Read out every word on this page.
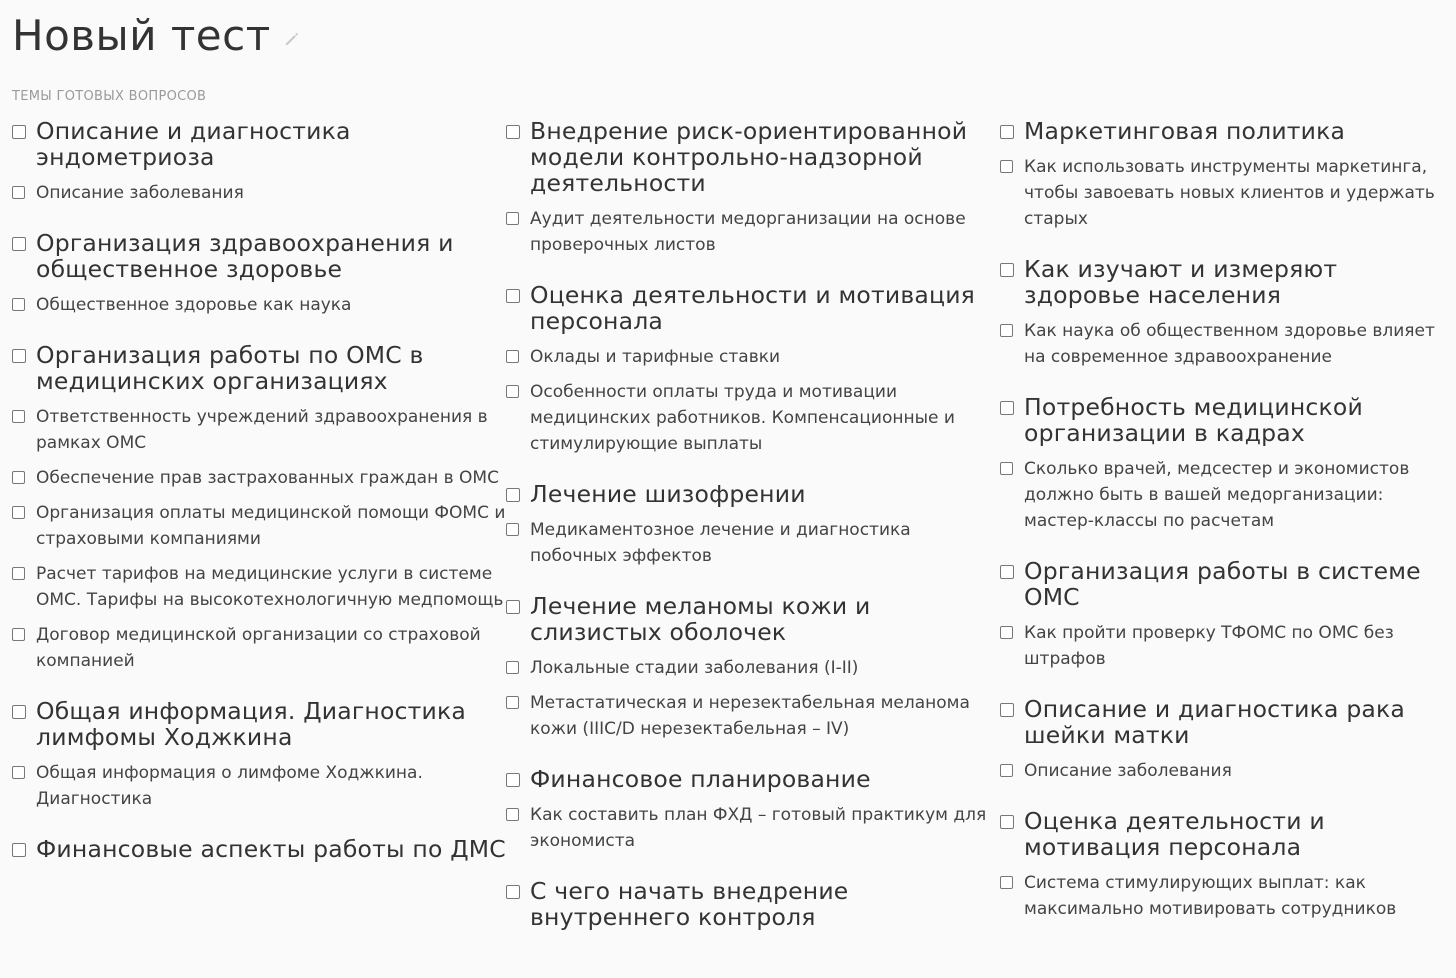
Новый тест
ТЕМЫ ГОТОВЫХ ВОПРОСОВ
Описание и диагностика эндометриоза
Описание заболевания
Организация здравоохранения и общественное здоровье
Общественное здоровье как наука
Организация работы по ОМС в медицинских организациях
Ответственность учреждений здравоохранения в рамках ОМС
Обеспечение прав застрахованных граждан в ОМС
Организация оплаты медицинской помощи ФОМС и страховыми компаниями
Расчет тарифов на медицинские услуги в системе ОМС. Тарифы на высокотехнологичную медпомощь
Договор медицинской организации со страховой компанией
Общая информация. Диагностика лимфомы Ходжкина
Общая информация о лимфоме Ходжкина. Диагностика
Финансовые аспекты работы по ДМС
Внедрение риск-ориентированной модели контрольно-надзорной деятельности
Аудит деятельности медорганизации на основе проверочных листов
Оценка деятельности и мотивация персонала
Оклады и тарифные ставки
Особенности оплаты труда и мотивации медицинских работников. Компенсационные и стимулирующие выплаты
Лечение шизофрении
Медикаментозное лечение и диагностика побочных эффектов
Лечение меланомы кожи и слизистых оболочек
Локальные стадии заболевания (I-II)
Метастатическая и нерезектабельная меланома кожи (IIIC/D нерезектабельная – IV)
Финансовое планирование
Как составить план ФХД – готовый практикум для экономиста
С чего начать внедрение внутреннего контроля
Маркетинговая политика
Как использовать инструменты маркетинга, чтобы завоевать новых клиентов и удержать старых
Как изучают и измеряют здоровье населения
Как наука об общественном здоровье влияет на современное здравоохранение
Потребность медицинской организации в кадрах
Сколько врачей, медсестер и экономистов должно быть в вашей медорганизации: мастер-классы по расчетам
Организация работы в системе ОМС
Как пройти проверку ТФОМС по ОМС без штрафов
Описание и диагностика рака шейки матки
Описание заболевания
Оценка деятельности и мотивация персонала
Система стимулирующих выплат: как максимально мотивировать сотрудников
